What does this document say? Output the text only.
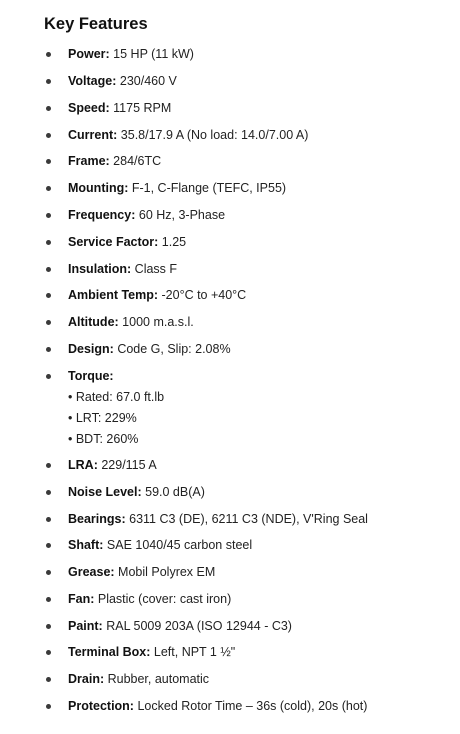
Key Features
Power: 15 HP (11 kW)
Voltage: 230/460 V
Speed: 1175 RPM
Current: 35.8/17.9 A (No load: 14.0/7.00 A)
Frame: 284/6TC
Mounting: F-1, C-Flange (TEFC, IP55)
Frequency: 60 Hz, 3-Phase
Service Factor: 1.25
Insulation: Class F
Ambient Temp: -20°C to +40°C
Altitude: 1000 m.a.s.l.
Design: Code G, Slip: 2.08%
Torque:
• Rated: 67.0 ft.lb
• LRT: 229%
• BDT: 260%
LRA: 229/115 A
Noise Level: 59.0 dB(A)
Bearings: 6311 C3 (DE), 6211 C3 (NDE), V'Ring Seal
Shaft: SAE 1040/45 carbon steel
Grease: Mobil Polyrex EM
Fan: Plastic (cover: cast iron)
Paint: RAL 5009 203A (ISO 12944 - C3)
Terminal Box: Left, NPT 1 ½"
Drain: Rubber, automatic
Protection: Locked Rotor Time – 36s (cold), 20s (hot)
